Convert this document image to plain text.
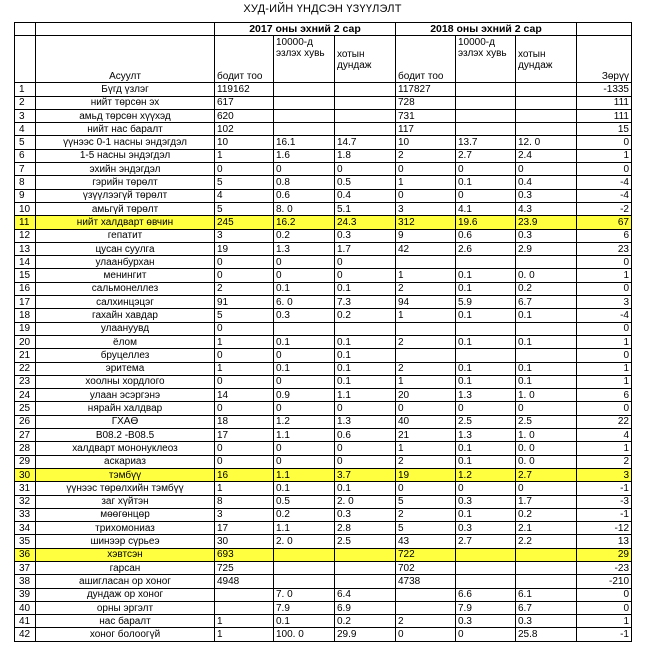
ХУД-ИЙН ҮНДСЭН ҮЗҮҮЛЭЛТ
		2017 оны эхний 2 сар			2018 оны эхний 2 сар			
	Асуулт	бодит тоо	10000-д эзлэх хувь	хотын дундаж	бодит тоо	10000-д эзлэх хувь	хотын дундаж	Зөрүү
1	Бүгд үзлэг	119162			117827			-1335
2	нийт төрсөн эх	617			728			111
3	амьд төрсөн хүүхэд	620			731			111
4	нийт нас баралт	102			117			15
5	үүнээс 0-1 насны эндэгдэл	10	16.1	14.7	10	13.7	12. 0	0
6	1-5 насны эндэгдэл	1	1.6	1.8	2	2.7	2.4	1
7	эхийн эндэгдэл	0	0	0	0	0	0	0
8	гэрийн төрөлт	5	0.8	0.5	1	0.1	0.4	-4
9	үзүүлээгүй төрөлт	4	0.6	0.4	0	0	0.3	-4
10	амьгүй төрөлт	5	8. 0	5.1	3	4.1	4.3	-2
11	нийт халдварт өвчин	245	16.2	24.3	312	19.6	23.9	67
12	гепатит	3	0.2	0.3	9	0.6	0.3	6
13	цусан суулга	19	1.3	1.7	42	2.6	2.9	23
14	улаанбурхан	0	0	0				0
15	менингит	0	0	0	1	0.1	0. 0	1
16	сальмонеллез	2	0.1	0.1	2	0.1	0.2	0
17	салхинцэцэг	91	6. 0	7.3	94	5.9	6.7	3
18	гахайн хавдар	5	0.3	0.2	1	0.1	0.1	-4
19	улаануувд	0						0
20	ёлом	1	0.1	0.1	2	0.1	0.1	1
21	бруцеллез	0	0	0.1				0
22	эритема	1	0.1	0.1	2	0.1	0.1	1
23	хоолны хордлого	0	0	0.1	1	0.1	0.1	1
24	улаан эсэргэнэ	14	0.9	1.1	20	1.3	1. 0	6
25	нярайн халдвар	0	0	0	0	0	0	0
26	ГХАӨ	18	1.2	1.3	40	2.5	2.5	22
27	B08.2 -B08.5	17	1.1	0.6	21	1.3	1. 0	4
28	халдварт мононуклеоз	0	0	0	1	0.1	0. 0	1
29	аскариаз	0	0	0	2	0.1	0. 0	2
30	тэмбүү	16	1.1	3.7	19	1.2	2.7	3
31	үүнээс төрөлхийн тэмбүү	1	0.1	0.1	0	0	0	-1
32	заг хүйтэн	8	0.5	2. 0	5	0.3	1.7	-3
33	мөөгөнцөр	3	0.2	0.3	2	0.1	0.2	-1
34	трихомониаз	17	1.1	2.8	5	0.3	2.1	-12
35	шинээр сүрьеэ	30	2. 0	2.5	43	2.7	2.2	13
36	хэвтсэн	693			722			29
37	гарсан	725			702			-23
38	ашигласан ор хоног	4948			4738			-210
39	дундаж ор хоног		7. 0	6.4		6.6	6.1	0
40	орны эргэлт		7.9	6.9		7.9	6.7	0
41	нас баралт	1	0.1	0.2	2	0.3	0.3	1
42	хоног болоогүй	1	100. 0	29.9	0	0	25.8	-1
